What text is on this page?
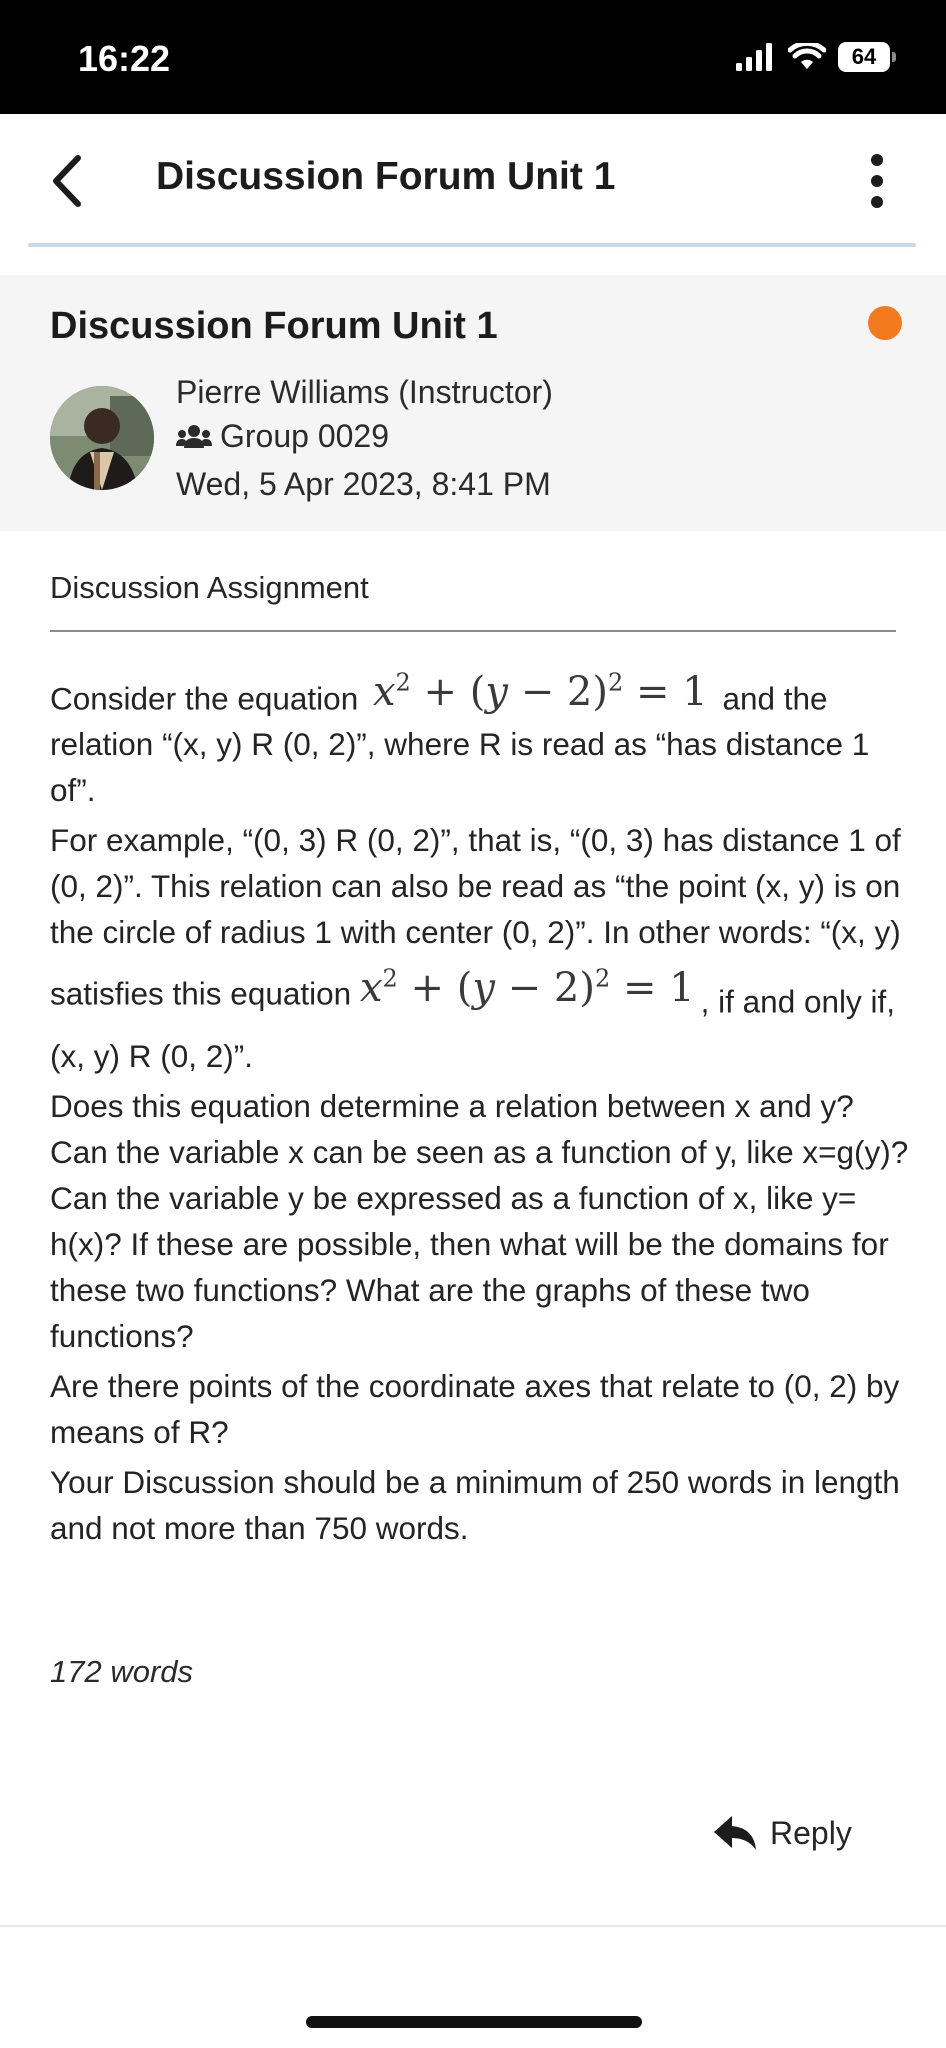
16:22	64
Discussion Forum Unit 1
Discussion Forum Unit 1
Pierre Williams (Instructor)
Group 0029
Wed, 5 Apr 2023, 8:41 PM
Discussion Assignment

Consider the equation $x^2 + (y - 2)^2 = 1$ and the relation “(x, y) R (0, 2)”, where R is read as “has distance 1 of”.

For example, “(0, 3) R (0, 2)”, that is, “(0, 3) has distance 1 of (0, 2)”. This relation can also be read as “the point (x, y) is on the circle of radius 1 with center (0, 2)”. In other words: “(x, y) satisfies this equation $x^2 + (y - 2)^2 = 1$ , if and only if, (x, y) R (0, 2)”.

Does this equation determine a relation between x and y? Can the variable x can be seen as a function of y, like x=g(y)? Can the variable y be expressed as a function of x, like y= h(x)? If these are possible, then what will be the domains for these two functions? What are the graphs of these two functions?

Are there points of the coordinate axes that relate to (0, 2) by means of R?

Your Discussion should be a minimum of 250 words in length and not more than 750 words.

172 words
Reply
